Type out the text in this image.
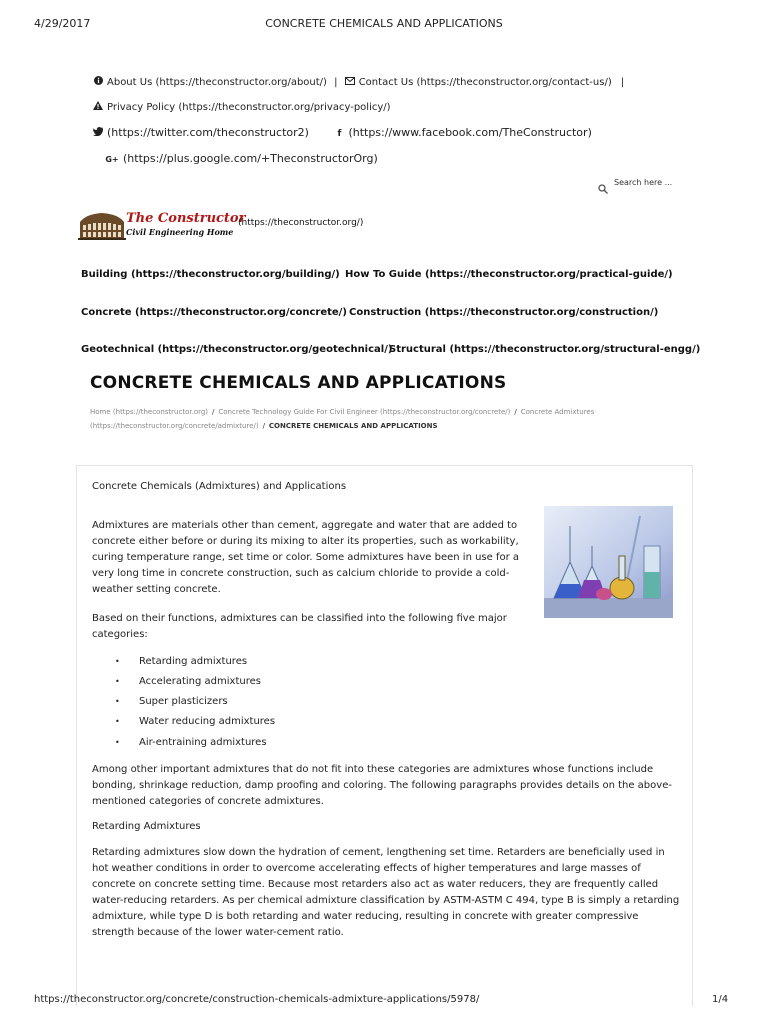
4/29/2017	CONCRETE CHEMICALS AND APPLICATIONS
About Us (https://theconstructor.org/about/) | Contact Us (https://theconstructor.org/contact-us/) |
Privacy Policy (https://theconstructor.org/privacy-policy/)
(https://twitter.com/theconstructor2)	f (https://www.facebook.com/TheConstructor)
G+ (https://plus.google.com/+TheconstructorOrg)
Search here ...
The Constructor
Civil Engineering Home
(https://theconstructor.org/)
Building (https://theconstructor.org/building/) How To Guide (https://theconstructor.org/practical-guide/)
Concrete (https://theconstructor.org/concrete/) Construction (https://theconstructor.org/construction/)
Geotechnical (https://theconstructor.org/geotechnical/)
Structural (https://theconstructor.org/structural-engg/)
CONCRETE CHEMICALS AND APPLICATIONS
Home (https://theconstructor.org) / Concrete Technology Guide For Civil Engineer (https://theconstructor.org/concrete/) / Concrete Admixtures (https://theconstructor.org/concrete/admixture/) / CONCRETE CHEMICALS AND APPLICATIONS
Concrete Chemicals (Admixtures) and Applications
Admixtures are materials other than cement, aggregate and water that are added to concrete either before or during its mixing to alter its properties, such as workability, curing temperature range, set time or color. Some admixtures have been in use for a very long time in concrete construction, such as calcium chloride to provide a cold-weather setting concrete.
Based on their functions, admixtures can be classified into the following five major categories:
• Retarding admixtures
• Accelerating admixtures
• Super plasticizers
• Water reducing admixtures
• Air-entraining admixtures
Among other important admixtures that do not fit into these categories are admixtures whose functions include bonding, shrinkage reduction, damp proofing and coloring. The following paragraphs provides details on the above-mentioned categories of concrete admixtures.
Retarding Admixtures
Retarding admixtures slow down the hydration of cement, lengthening set time. Retarders are beneficially used in hot weather conditions in order to overcome accelerating effects of higher temperatures and large masses of concrete on concrete setting time. Because most retarders also act as water reducers, they are frequently called water-reducing retarders. As per chemical admixture classification by ASTM-ASTM C 494, type B is simply a retarding admixture, while type D is both retarding and water reducing, resulting in concrete with greater compressive strength because of the lower water-cement ratio.
https://theconstructor.org/concrete/construction-chemicals-admixture-applications/5978/	1/4
